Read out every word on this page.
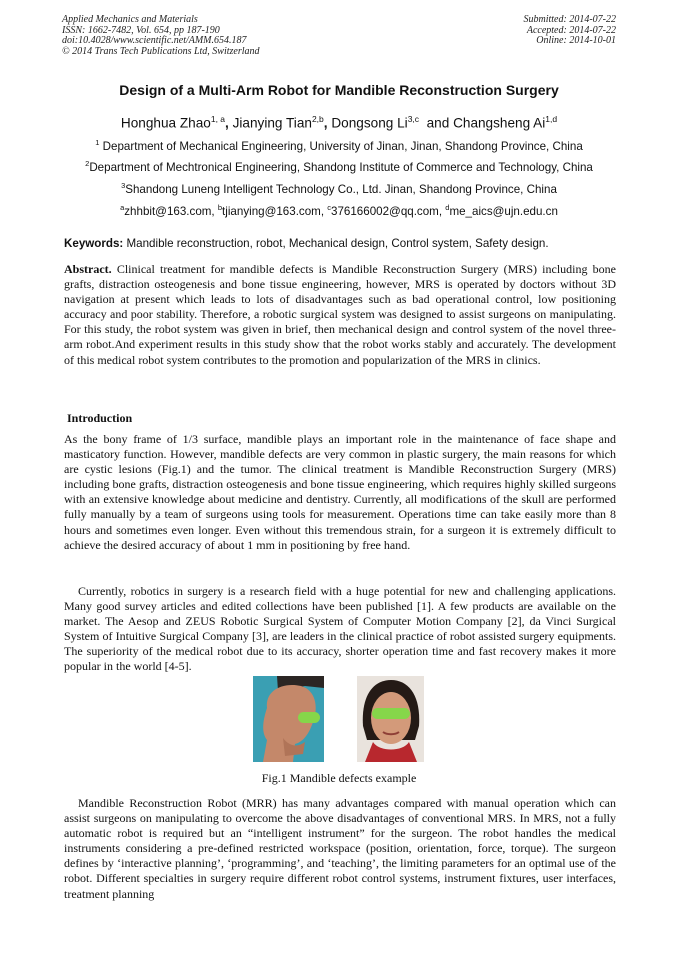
Applied Mechanics and Materials
ISSN: 1662-7482, Vol. 654, pp 187-190
doi:10.4028/www.scientific.net/AMM.654.187
© 2014 Trans Tech Publications Ltd, Switzerland
Submitted: 2014-07-22
Accepted: 2014-07-22
Online: 2014-10-01
Design of a Multi-Arm Robot for Mandible Reconstruction Surgery
Honghua Zhao$^{1, a}$, Jianying Tian$^{2,b}$, Dongsong Li$^{3,c}$ and Changsheng Ai$^{1,d}$
$^1$ Department of Mechanical Engineering, University of Jinan, Jinan, Shandong Province, China
$^2$Department of Mechtronical Engineering, Shandong Institute of Commerce and Technology, China
$^3$Shandong Luneng Intelligent Technology Co., Ltd. Jinan, Shandong Province, China
$^a$zhhbit@163.com, $^b$tjianying@163.com, $^c$376166002@qq.com, $^d$me_aics@ujn.edu.cn
Keywords: Mandible reconstruction, robot, Mechanical design, Control system, Safety design.
Abstract. Clinical treatment for mandible defects is Mandible Reconstruction Surgery (MRS) including bone grafts, distraction osteogenesis and bone tissue engineering, however, MRS is operated by doctors without 3D navigation at present which leads to lots of disadvantages such as bad operational control, low positioning accuracy and poor stability. Therefore, a robotic surgical system was designed to assist surgeons on manipulating. For this study, the robot system was given in brief, then mechanical design and control system of the novel three-arm robot.And experiment results in this study show that the robot works stably and accurately. The development of this medical robot system contributes to the promotion and popularization of the MRS in clinics.
Introduction
As the bony frame of 1/3 surface, mandible plays an important role in the maintenance of face shape and masticatory function. However, mandible defects are very common in plastic surgery, the main reasons for which are cystic lesions (Fig.1) and the tumor. The clinical treatment is Mandible Reconstruction Surgery (MRS) including bone grafts, distraction osteogenesis and bone tissue engineering, which requires highly skilled surgeons with an extensive knowledge about medicine and dentistry. Currently, all modifications of the skull are performed fully manually by a team of surgeons using tools for measurement. Operations time can take easily more than 8 hours and sometimes even longer. Even without this tremendous strain, for a surgeon it is extremely difficult to achieve the desired accuracy of about 1 mm in positioning by free hand.
Currently, robotics in surgery is a research field with a huge potential for new and challenging applications. Many good survey articles and edited collections have been published [1]. A few products are available on the market. The Aesop and ZEUS Robotic Surgical System of Computer Motion Company [2], da Vinci Surgical System of Intuitive Surgical Company [3], are leaders in the clinical practice of robot assisted surgery equipments. The superiority of the medical robot due to its accuracy, shorter operation time and fast recovery makes it more popular in the world [4-5].
Fig.1 Mandible defects example
Mandible Reconstruction Robot (MRR) has many advantages compared with manual operation which can assist surgeons on manipulating to overcome the above disadvantages of conventional MRS. In MRS, not a fully automatic robot is required but an “intelligent instrument” for the surgeon. The robot handles the medical instruments considering a pre-defined restricted workspace (position, orientation, force, torque). The surgeon defines by ‘interactive planning’, ‘programming’, and ‘teaching’, the limiting parameters for an optimal use of the robot. Different specialties in surgery require different robot control systems, instrument fixtures, user interfaces, treatment planning
